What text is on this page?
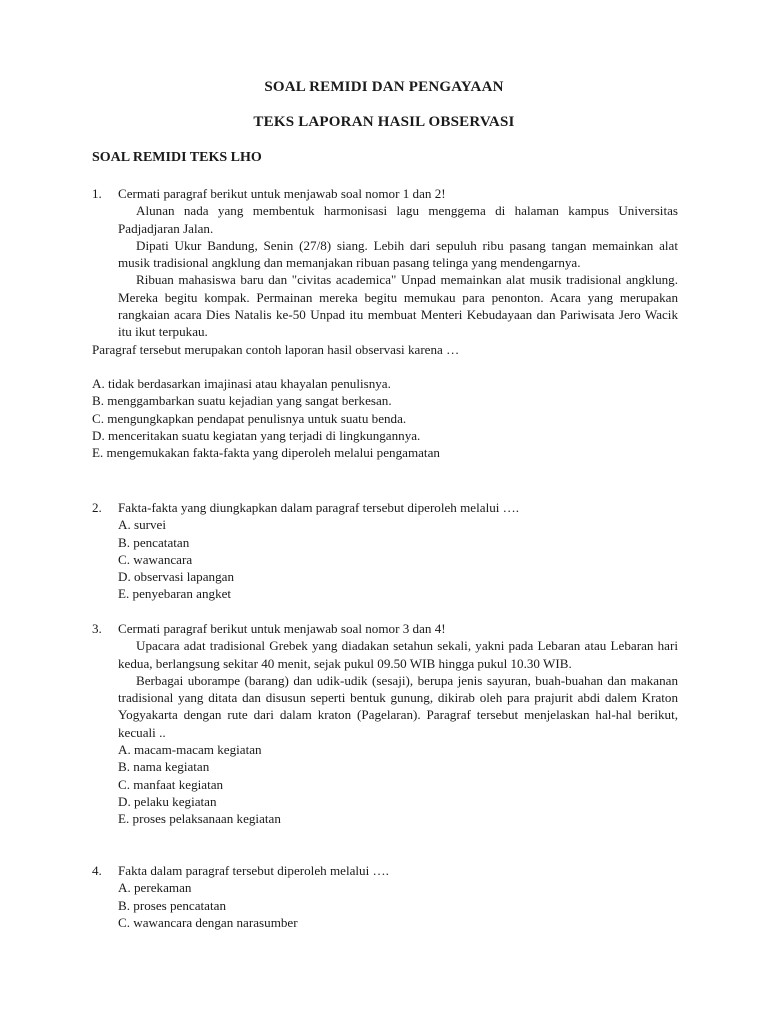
SOAL REMIDI DAN PENGAYAAN
TEKS LAPORAN HASIL OBSERVASI
SOAL REMIDI TEKS LHO
1. Cermati paragraf berikut untuk menjawab soal nomor 1 dan 2!

Alunan nada yang membentuk harmonisasi lagu menggema di halaman kampus Universitas Padjadjaran Jalan.

Dipati Ukur Bandung, Senin (27/8) siang. Lebih dari sepuluh ribu pasang tangan memainkan alat musik tradisional angklung dan memanjakan ribuan pasang telinga yang mendengarnya.

Ribuan mahasiswa baru dan "civitas academica" Unpad memainkan alat musik tradisional angklung. Mereka begitu kompak. Permainan mereka begitu memukau para penonton. Acara yang merupakan rangkaian acara Dies Natalis ke-50 Unpad itu membuat Menteri Kebudayaan dan Pariwisata Jero Wacik itu ikut terpukau.

Paragraf tersebut merupakan contoh laporan hasil observasi karena …

A. tidak berdasarkan imajinasi atau khayalan penulisnya.
B. menggambarkan suatu kejadian yang sangat berkesan.
C. mengungkapkan pendapat penulisnya untuk suatu benda.
D. menceritakan suatu kegiatan yang terjadi di lingkungannya.
E. mengemukakan fakta-fakta yang diperoleh melalui pengamatan
2. Fakta-fakta yang diungkapkan dalam paragraf tersebut diperoleh melalui ….
A. survei
B. pencatatan
C. wawancara
D. observasi lapangan
E. penyebaran angket
3. Cermati paragraf berikut untuk menjawab soal nomor 3 dan 4!

Upacara adat tradisional Grebek yang diadakan setahun sekali, yakni pada Lebaran atau Lebaran hari kedua, berlangsung sekitar 40 menit, sejak pukul 09.50 WIB hingga pukul 10.30 WIB.

Berbagai uborampe (barang) dan udik-udik (sesaji), berupa jenis sayuran, buah-buahan dan makanan tradisional yang ditata dan disusun seperti bentuk gunung, dikirab oleh para prajurit abdi dalem Kraton Yogyakarta dengan rute dari dalam kraton (Pagelaran). Paragraf tersebut menjelaskan hal-hal berikut, kecuali ..

A. macam-macam kegiatan
B. nama kegiatan
C. manfaat kegiatan
D. pelaku kegiatan
E. proses pelaksanaan kegiatan
4. Fakta dalam paragraf tersebut diperoleh melalui ….
A. perekaman
B. proses pencatatan
C. wawancara dengan narasumber
